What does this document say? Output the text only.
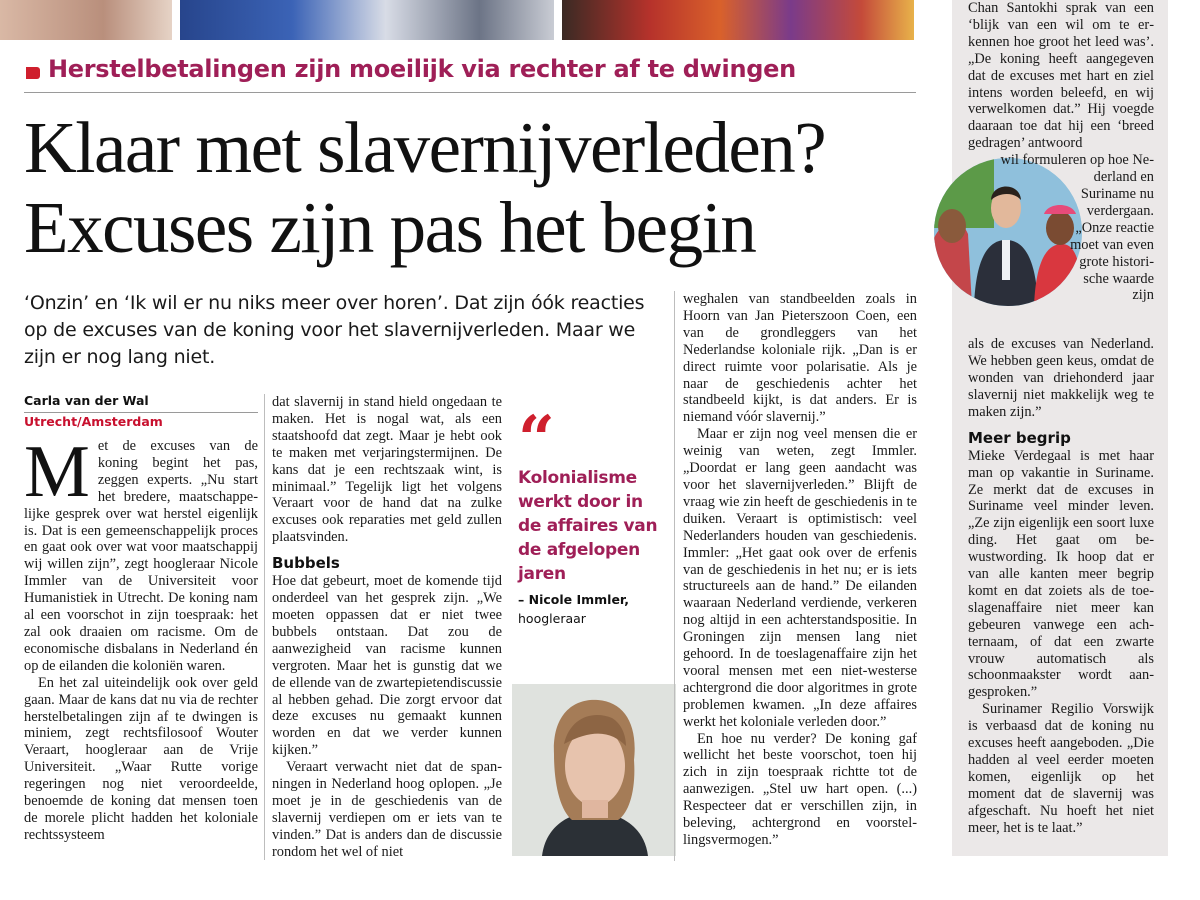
Herstelbetalingen zijn moeilijk via rechter af te dwingen
Klaar met slavernijverleden?
Excuses zijn pas het begin

‘Onzin’ en ‘Ik wil er nu niks meer over horen’. Dat zijn óók reacties op de excuses van de koning voor het slavernijverleden. Maar we zijn er nog lang niet.

Carla van der Wal
Utrecht/Amsterdam
M et de excuses van de koning begint het pas, zeggen experts. „Nu start het bredere, maatschappelijke gesprek over wat herstel eigenlijk is. Dat is een gemeenschappelijk proces en gaat ook over wat voor maatschappij wij willen zijn”, zegt hoogleraar Nicole Immler van de Universiteit voor Humanistiek in Utrecht. De koning nam al een voorschot in zijn toespraak: het zal ook draaien om racisme. Om de economische disbalans in Nederland én op de eilanden die koloniën waren.

En het zal uiteindelijk ook over geld gaan. Maar de kans dat nu via de rechter herstelbetalingen zijn af te dwingen is miniem, zegt rechtsfilosoof Wouter Veraart, hoogleraar aan de Vrije Universiteit. „Waar Rutte vorige regeringen nog niet veroordeelde, benoemde de koning dat mensen toen de morele plicht hadden het koloniale rechtssysteem

dat slavernij in stand hield ongedaan te maken. Het is nogal wat, als een staatshoofd dat zegt. Maar je hebt ook te maken met verjaringstermijnen. De kans dat je een rechtszaak wint, is minimaal.” Tegelijk ligt het volgens Veraart voor de hand dat na zulke excuses ook reparaties met geld zullen plaatsvinden.

Bubbels

Hoe dat gebeurt, moet de komende tijd onderdeel van het gesprek zijn. „We moeten oppassen dat er niet twee bubbels ontstaan. Dat zou de aanwezigheid van racisme kunnen vergroten. Maar het is gunstig dat we de ellende van de zwartepietendiscussie al hebben gehad. Die zorgt ervoor dat deze excuses nu gemaakt kunnen worden en dat we verder kunnen kijken.”

Veraart verwacht niet dat de spanningen in Nederland hoog oplopen. „Je moet je in de geschiedenis van de slavernij verdiepen om er iets van te vinden.” Dat is anders dan de discussie rondom het wel of niet

“

Kolonialisme werkt door in de affaires van de afgelopen jaren

– Nicole Immler,
hoogleraar

weghalen van standbeelden zoals in Hoorn van Jan Pieterszoon Coen, een van de grondleggers van het Nederlandse koloniale rijk. „Dan is er direct ruimte voor polarisatie. Als je naar de geschiedenis achter het standbeeld kijkt, is dat anders. Er is niemand vóór slavernij.”

Maar er zijn nog veel mensen die er weinig van weten, zegt Immler. „Doordat er lang geen aandacht was voor het slavernijverleden.” Blijft de vraag wie zin heeft de geschiedenis in te duiken. Veraart is optimistisch: veel Nederlanders houden van geschiedenis. Immler: „Het gaat ook over de erfenis van de geschiedenis in het nu; er is iets structureels aan de hand.” De eilanden waaraan Nederland verdiende, verkeren nog altijd in een achterstandspositie. In Groningen zijn mensen lang niet gehoord. In de toeslagenaffaire zijn het vooral mensen met een niet-westerse achtergrond die door algoritmes in grote problemen kwamen. „In deze affaires werkt het koloniale verleden door.”

En hoe nu verder? De koning gaf wellicht het beste voorschot, toen hij zich in zijn toespraak richtte tot de aanwezigen. „Stel uw hart open. (...) Respecteer dat er verschillen zijn, in beleving, achtergrond en voorstellingsvermogen.”

Chan Santokhi sprak van een ‘blijk van een wil om te erkennen hoe groot het leed was’. „De koning heeft aangegeven dat de excuses met hart en ziel intens worden beleefd, en wij verwelkomen dat.” Hij voegde daaraan toe dat hij een ‘breed gedragen’ antwoord

wil formuleren op hoe Nederland en Suriname nu verdergaan. „Onze reactie moet van even grote historische waarde zijn

als de excuses van Nederland. We hebben geen keus, omdat de wonden van driehonderd jaar slavernij niet makkelijk weg te maken zijn.”

Meer begrip

Mieke Verdegaal is met haar man op vakantie in Suriname. Ze merkt dat de excuses in Suriname veel minder leven. „Ze zijn eigenlijk een soort luxe ding. Het gaat om bewustwording. Ik hoop dat er van alle kanten meer begrip komt en dat zoiets als de toeslagenaffaire niet meer kan gebeuren vanwege een achternaam, of dat een zwarte vrouw automatisch als schoonmaakster wordt aangesproken.”

Surinamer Regilio Vorswijk is verbaasd dat de koning nu excuses heeft aangeboden. „Die hadden al veel eerder moeten komen, eigenlijk op het moment dat de slavernij was afgeschaft. Nu hoeft het niet meer, het is te laat.”
